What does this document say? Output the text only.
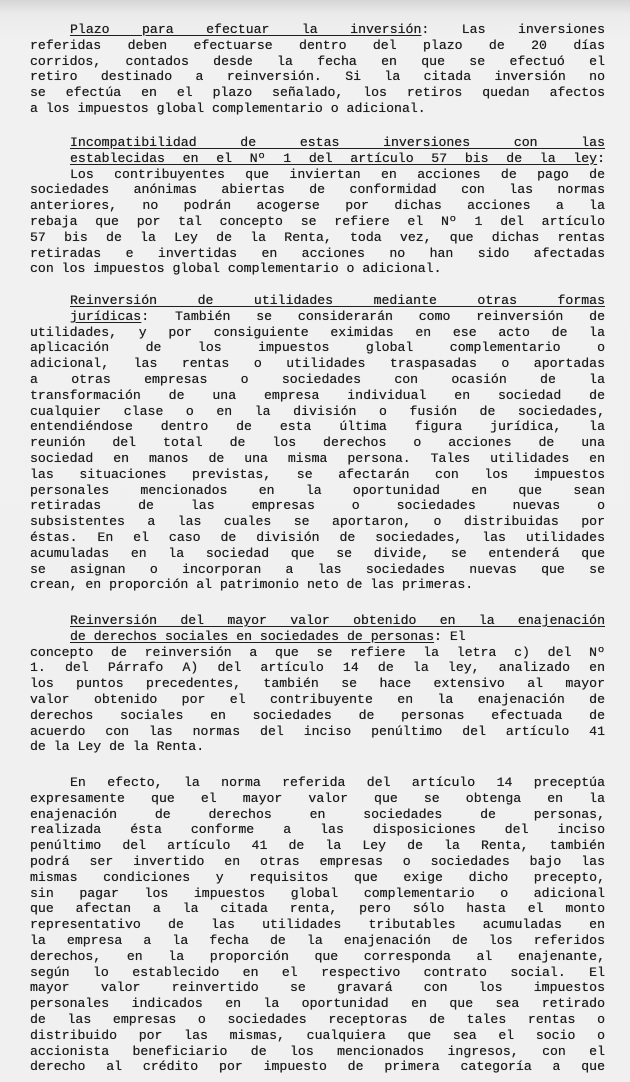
Plazo para efectuar la inversión: Las inversiones
referidas deben efectuarse dentro del plazo de 20 días
corridos, contados desde la fecha en que se efectuó el
retiro destinado a reinversión. Si la citada inversión no
se efectúa en el plazo señalado, los retiros quedan afectos
a los impuestos global complementario o adicional.
Incompatibilidad de estas inversiones con las
establecidas en el Nº 1 del artículo 57 bis de la ley:
Los contribuyentes que inviertan en acciones de pago de
sociedades anónimas abiertas de conformidad con las normas
anteriores, no podrán acogerse por dichas acciones a la
rebaja que por tal concepto se refiere el Nº 1 del artículo
57 bis de la Ley de la Renta, toda vez, que dichas rentas
retiradas e invertidas en acciones no han sido afectadas
con los impuestos global complementario o adicional.
Reinversión de utilidades mediante otras formas
jurídicas: También se considerarán como reinversión de
utilidades, y por consiguiente eximidas en ese acto de la
aplicación de los impuestos global complementario o
adicional, las rentas o utilidades traspasadas o aportadas
a otras empresas o sociedades con ocasión de la
transformación de una empresa individual en sociedad de
cualquier clase o en la división o fusión de sociedades,
entendiéndose dentro de esta última figura jurídica, la
reunión del total de los derechos o acciones de una
sociedad en manos de una misma persona. Tales utilidades en
las situaciones previstas, se afectarán con los impuestos
personales mencionados en la oportunidad en que sean
retiradas de las empresas o sociedades nuevas o
subsistentes a las cuales se aportaron, o distribuidas por
éstas. En el caso de división de sociedades, las utilidades
acumuladas en la sociedad que se divide, se entenderá que
se asignan o incorporan a las sociedades nuevas que se
crean, en proporción al patrimonio neto de las primeras.
Reinversión del mayor valor obtenido en la enajenación
de derechos sociales en sociedades de personas: El
concepto de reinversión a que se refiere la letra c) del Nº
1. del Párrafo A) del artículo 14 de la ley, analizado en
los puntos precedentes, también se hace extensivo al mayor
valor obtenido por el contribuyente en la enajenación de
derechos sociales en sociedades de personas efectuada de
acuerdo con las normas del inciso penúltimo del artículo 41
de la Ley de la Renta.
En efecto, la norma referida del artículo 14 preceptúa
expresamente que el mayor valor que se obtenga en la
enajenación de derechos en sociedades de personas,
realizada ésta conforme a las disposiciones del inciso
penúltimo del artículo 41 de la Ley de la Renta, también
podrá ser invertido en otras empresas o sociedades bajo las
mismas condiciones y requisitos que exige dicho precepto,
sin pagar los impuestos global complementario o adicional
que afectan a la citada renta, pero sólo hasta el monto
representativo de las utilidades tributables acumuladas en
la empresa a la fecha de la enajenación de los referidos
derechos, en la proporción que corresponda al enajenante,
según lo establecido en el respectivo contrato social. El
mayor valor reinvertido se gravará con los impuestos
personales indicados en la oportunidad en que sea retirado
de las empresas o sociedades receptoras de tales rentas o
distribuido por las mismas, cualquiera que sea el socio o
accionista beneficiario de los mencionados ingresos, con el
derecho al crédito por impuesto de primera categoría a que
